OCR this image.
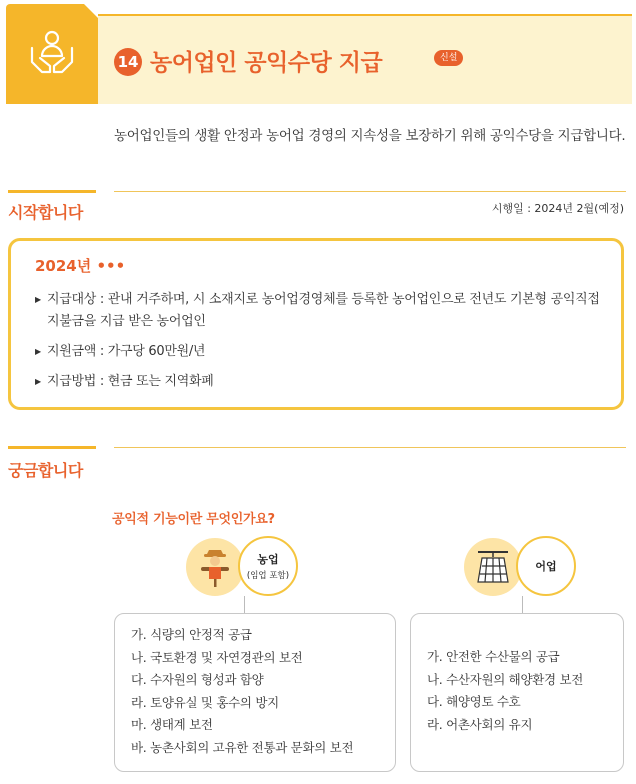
14 농어업인 공익수당 지급	신설

농어업인들의 생활 안정과 농어업 경영의 지속성을 보장하기 위해 공익수당을 지급합니다.

시작합니다	시행일 : 2024년 2월(예정)
2024년 •••
▶ 지급대상 : 관내 거주하며, 시 소재지로 농어업경영체를 등록한 농어업인으로 전년도 기본형 공익직접지불금을 지급 받은 농어업인
▶ 지원금액 : 가구당 60만원/년
▶ 지급방법 : 현금 또는 지역화폐
궁금합니다
공익적 기능이란 무엇인가요?
농업
(임업 포함)
가. 식량의 안정적 공급
나. 국토환경 및 자연경관의 보전
다. 수자원의 형성과 함양
라. 토양유실 및 홍수의 방지
마. 생태계 보전
바. 농촌사회의 고유한 전통과 문화의 보전
어업
가. 안전한 수산물의 공급
나. 수산자원의 해양환경 보전
다. 해양영토 수호
라. 어촌사회의 유지
